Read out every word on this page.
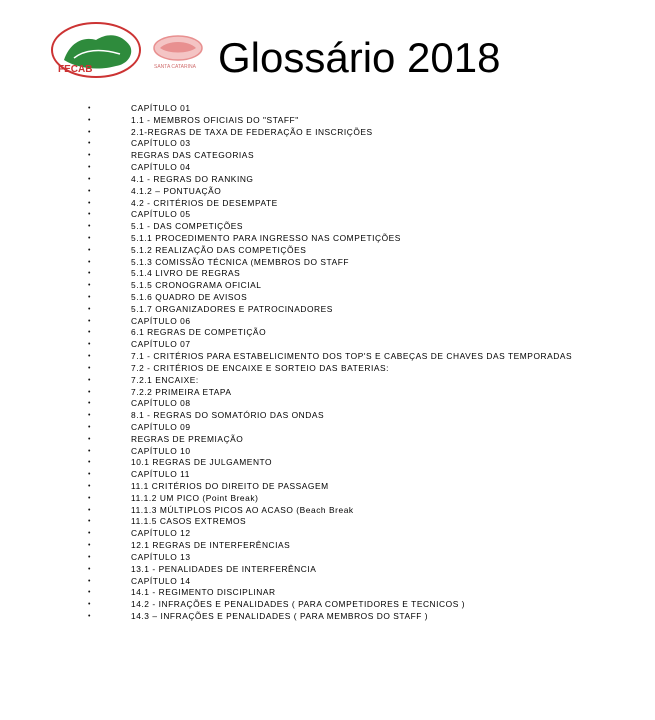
FECAB	SANTA CATARINA Glossário 2018
•	CAPÍTULO 01
•	1.1 - MEMBROS OFICIAIS DO "STAFF"
•	2.1-REGRAS DE TAXA DE FEDERAÇÃO E INSCRIÇÕES
•	CAPÍTULO 03
•	REGRAS DAS CATEGORIAS
•	CAPÍTULO 04
•	4.1 - REGRAS DO RANKING
•	4.1.2 – PONTUAÇÃO
•	4.2 - CRITÉRIOS DE DESEMPATE
•	CAPÍTULO 05
•	5.1 - DAS COMPETIÇÕES
•	5.1.1 PROCEDIMENTO PARA INGRESSO NAS COMPETIÇÕES
•	5.1.2 REALIZAÇÃO DAS COMPETIÇÕES
•	5.1.3 COMISSÃO TÉCNICA (MEMBROS DO STAFF
•	5.1.4 LIVRO DE REGRAS
•	5.1.5 CRONOGRAMA OFICIAL
•	5.1.6 QUADRO DE AVISOS
•	5.1.7 ORGANIZADORES E PATROCINADORES
•	CAPÍTULO 06
•	6.1 REGRAS DE COMPETIÇÃO
•	CAPÍTULO 07
•	7.1 - CRITÉRIOS PARA ESTABELICIMENTO DOS TOP'S E CABEÇAS DE CHAVES DAS TEMPORADAS
•	7.2 - CRITÉRIOS DE ENCAIXE E SORTEIO DAS BATERIAS:
•	7.2.1 ENCAIXE:
•	7.2.2 PRIMEIRA ETAPA
•	CAPÍTULO 08
•	8.1 - REGRAS DO SOMATÓRIO DAS ONDAS
•	CAPÍTULO 09
•	REGRAS DE PREMIAÇÃO
•	CAPÍTULO 10
•	10.1 REGRAS DE JULGAMENTO
•	CAPÍTULO 11
•	11.1 CRITÉRIOS DO DIREITO DE PASSAGEM
•	11.1.2 UM PICO (Point Break)
•	11.1.3 MÚLTIPLOS PICOS AO ACASO (Beach Break
•	11.1.5 CASOS EXTREMOS
•	CAPÍTULO 12
•	12.1 REGRAS DE INTERFERÊNCIAS
•	CAPÍTULO 13
•	13.1 - PENALIDADES DE INTERFERÊNCIA
•	CAPÍTULO 14
•	14.1 - REGIMENTO DISCIPLINAR
•	14.2 - INFRAÇÕES E PENALIDADES ( PARA COMPETIDORES E TECNICOS )
•	14.3 – INFRAÇÕES E PENALIDADES ( PARA MEMBROS DO STAFF )
